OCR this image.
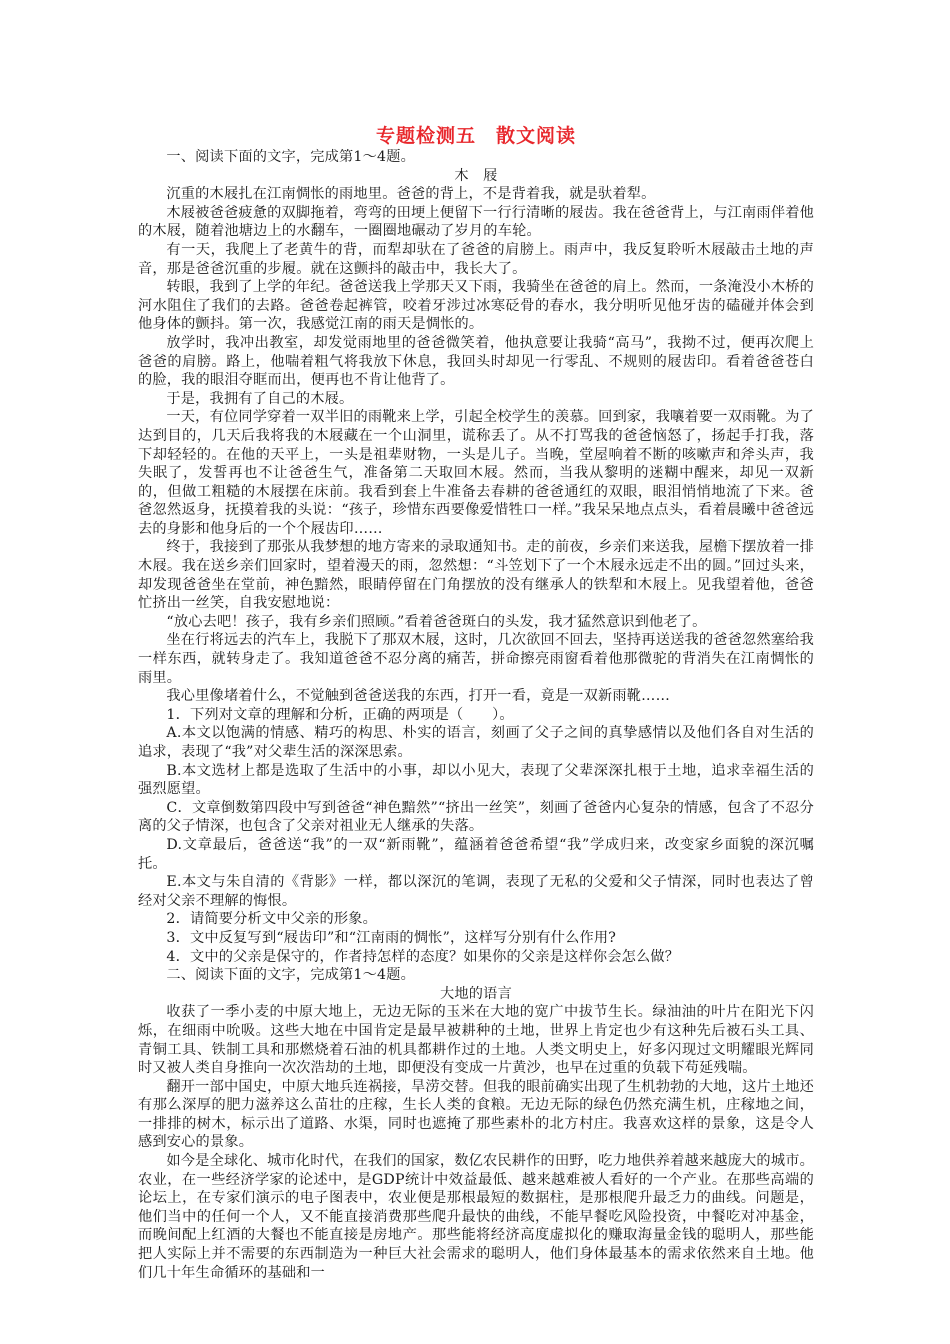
专题检测五　散文阅读

一、阅读下面的文字，完成第1～4题。

木　屐

沉重的木屐扎在江南惆怅的雨地里。爸爸的背上，不是背着我，就是驮着犁。

木屐被爸爸疲惫的双脚拖着，弯弯的田埂上便留下一行行清晰的屐齿。我在爸爸背上，与江南雨伴着他的木屐，随着池塘边上的水翻车，一圈圈地碾动了岁月的车轮。

有一天，我爬上了老黄牛的背，而犁却驮在了爸爸的肩膀上。雨声中，我反复聆听木屐敲击土地的声音，那是爸爸沉重的步履。就在这颤抖的敲击中，我长大了。

转眼，我到了上学的年纪。爸爸送我上学那天又下雨，我骑坐在爸爸的肩上。然而，一条淹没小木桥的河水阻住了我们的去路。爸爸卷起裤管，咬着牙涉过冰寒砭骨的春水，我分明听见他牙齿的磕碰并体会到他身体的颤抖。第一次，我感觉江南的雨天是惆怅的。

放学时，我冲出教室，却发觉雨地里的爸爸微笑着，他执意要让我骑“高马”，我拗不过，便再次爬上爸爸的肩膀。路上，他喘着粗气将我放下休息，我回头时却见一行零乱、不规则的屐齿印。看着爸爸苍白的脸，我的眼泪夺眶而出，便再也不肯让他背了。

于是，我拥有了自己的木屐。

一天，有位同学穿着一双半旧的雨靴来上学，引起全校学生的羡慕。回到家，我嚷着要一双雨靴。为了达到目的，几天后我将我的木屐藏在一个山洞里，谎称丢了。从不打骂我的爸爸恼怒了，扬起手打我，落下却轻轻的。在他的天平上，一头是祖辈财物，一头是儿子。当晚，堂屋响着不断的咳嗽声和斧头声，我失眠了，发誓再也不让爸爸生气，准备第二天取回木屐。然而，当我从黎明的迷糊中醒来，却见一双新的，但做工粗糙的木屐摆在床前。我看到套上牛准备去春耕的爸爸通红的双眼，眼泪悄悄地流了下来。爸爸忽然返身，抚摸着我的头说：“孩子，珍惜东西要像爱惜牲口一样。”我呆呆地点点头，看着晨曦中爸爸远去的身影和他身后的一个个屐齿印……

终于，我接到了那张从我梦想的地方寄来的录取通知书。走的前夜，乡亲们来送我，屋檐下摆放着一排木屐。我在送乡亲们回家时，望着漫天的雨，忽然想：“斗笠划下了一个木屐永远走不出的圆。”回过头来，却发现爸爸坐在堂前，神色黯然，眼睛停留在门角摆放的没有继承人的铁犁和木屐上。见我望着他，爸爸忙挤出一丝笑，自我安慰地说：

“放心去吧！孩子，我有乡亲们照顾。”看着爸爸斑白的头发，我才猛然意识到他老了。

坐在行将远去的汽车上，我脱下了那双木屐，这时，几次欲回不回去，坚持再送送我的爸爸忽然塞给我一样东西，就转身走了。我知道爸爸不忍分离的痛苦，拼命擦亮雨窗看着他那微驼的背消失在江南惆怅的雨里。

我心里像堵着什么，不觉触到爸爸送我的东西，打开一看，竟是一双新雨靴……

1．下列对文章的理解和分析，正确的两项是（　　）。

A.本文以饱满的情感、精巧的构思、朴实的语言，刻画了父子之间的真挚感情以及他们各自对生活的追求，表现了“我”对父辈生活的深深思索。

B.本文选材上都是选取了生活中的小事，却以小见大，表现了父辈深深扎根于土地，追求幸福生活的强烈愿望。

C．文章倒数第四段中写到爸爸“神色黯然”“挤出一丝笑”，刻画了爸爸内心复杂的情感，包含了不忍分离的父子情深，也包含了父亲对祖业无人继承的失落。

D.文章最后，爸爸送“我”的一双“新雨靴”，蕴涵着爸爸希望“我”学成归来，改变家乡面貌的深沉嘱托。

E.本文与朱自清的《背影》一样，都以深沉的笔调，表现了无私的父爱和父子情深，同时也表达了曾经对父亲不理解的悔恨。

2．请简要分析文中父亲的形象。

3．文中反复写到“屐齿印”和“江南雨的惆怅”，这样写分别有什么作用?

4．文中的父亲是保守的，作者持怎样的态度？如果你的父亲是这样你会怎么做？

二、阅读下面的文字，完成第1～4题。

大地的语言

收获了一季小麦的中原大地上，无边无际的玉米在大地的宽广中拔节生长。绿油油的叶片在阳光下闪烁，在细雨中吮吸。这些大地在中国肯定是最早被耕种的土地，世界上肯定也少有这种先后被石头工具、青铜工具、铁制工具和那燃烧着石油的机具都耕作过的土地。人类文明史上，好多闪现过文明耀眼光辉同时又被人类自身推向一次次浩劫的土地，即便没有变成一片黄沙，也早在过重的负载下苟延残喘。

翻开一部中国史，中原大地兵连祸接，旱涝交替。但我的眼前确实出现了生机勃勃的大地，这片土地还有那么深厚的肥力滋养这么苗壮的庄稼，生长人类的食粮。无边无际的绿色仍然充满生机，庄稼地之间，一排排的树木，标示出了道路、水渠，同时也遮掩了那些素朴的北方村庄。我喜欢这样的景象，这是令人感到安心的景象。

如今是全球化、城市化时代，在我们的国家，数亿农民耕作的田野，吃力地供养着越来越庞大的城市。农业，在一些经济学家的论述中，是GDP统计中效益最低、越来越难被人看好的一个产业。在那些高端的论坛上，在专家们演示的电子图表中，农业便是那根最短的数据柱，是那根爬升最乏力的曲线。问题是，他们当中的任何一个人，又不能直接消费那些爬升最快的曲线，不能早餐吃风险投资，中餐吃对冲基金，而晚间配上红酒的大餐也不能直接是房地产。那些能将经济高度虚拟化的赚取海量金钱的聪明人，那些能把人实际上并不需要的东西制造为一种巨大社会需求的聪明人，他们身体最基本的需求依然来自土地。他们几十年生命循环的基础和一
